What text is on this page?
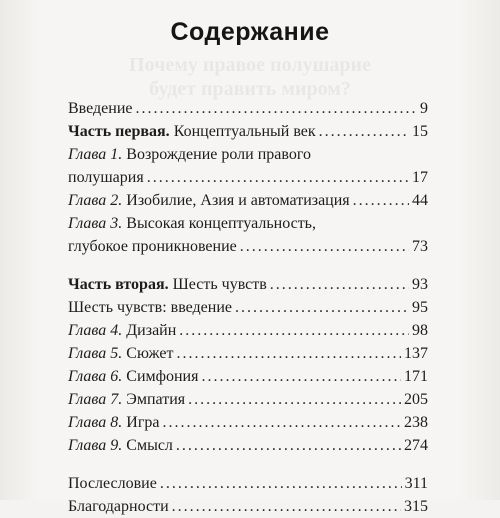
Почему правое полушарие
будет править миром?
Содержание
Введение .....	9
Часть первая. Концептуальный век .....	15
Глава 1. Возрождение роли правого
полушария .....	17
Глава 2. Изобилие, Азия и автоматизация .....	44
Глава 3. Высокая концептуальность,
глубокое проникновение .....	73
Часть вторая. Шесть чувств .....	93
Шесть чувств: введение .....	95
Глава 4. Дизайн .....	98
Глава 5. Сюжет .....	137
Глава 6. Симфония .....	171
Глава 7. Эмпатия .....	205
Глава 8. Игра .....	238
Глава 9. Смысл .....	274
Послесловие .....	311
Благодарности .....	315
